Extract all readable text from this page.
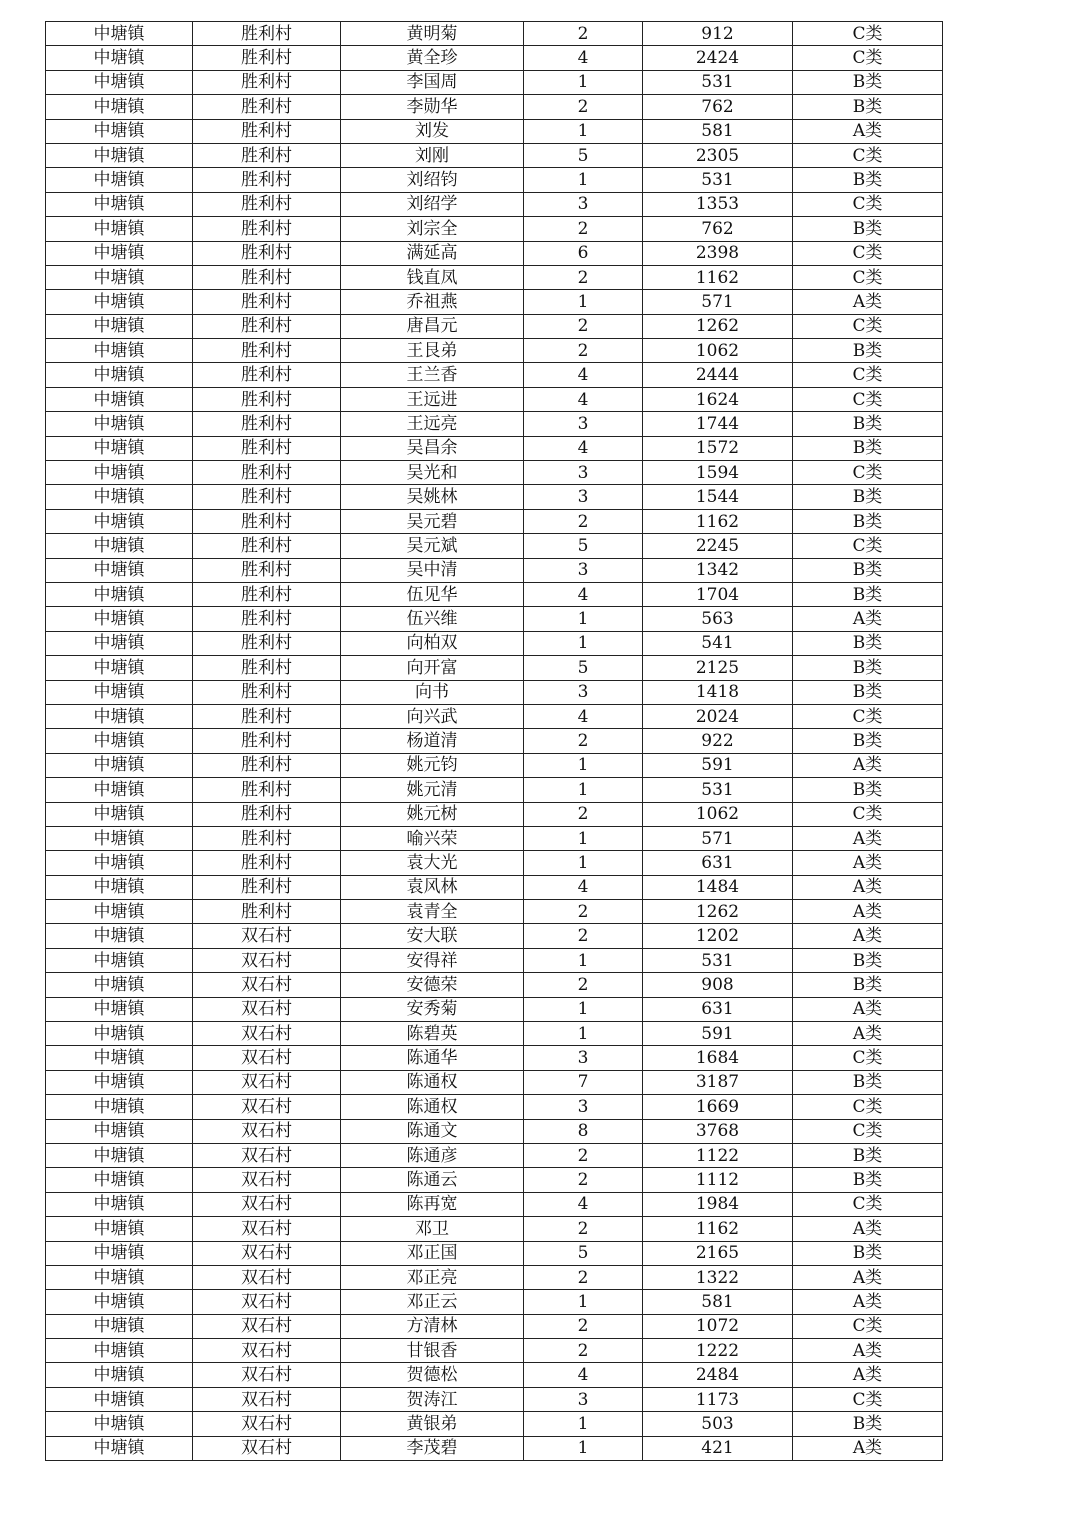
中塘镇	胜利村	黄明菊	2	912	C类
中塘镇	胜利村	黄全珍	4	2424	C类
中塘镇	胜利村	李国周	1	531	B类
中塘镇	胜利村	李勋华	2	762	B类
中塘镇	胜利村	刘发	1	581	A类
中塘镇	胜利村	刘刚	5	2305	C类
中塘镇	胜利村	刘绍钧	1	531	B类
中塘镇	胜利村	刘绍学	3	1353	C类
中塘镇	胜利村	刘宗全	2	762	B类
中塘镇	胜利村	满延高	6	2398	C类
中塘镇	胜利村	钱直凤	2	1162	C类
中塘镇	胜利村	乔祖燕	1	571	A类
中塘镇	胜利村	唐昌元	2	1262	C类
中塘镇	胜利村	王艮弟	2	1062	B类
中塘镇	胜利村	王兰香	4	2444	C类
中塘镇	胜利村	王远进	4	1624	C类
中塘镇	胜利村	王远亮	3	1744	B类
中塘镇	胜利村	吴昌余	4	1572	B类
中塘镇	胜利村	吴光和	3	1594	C类
中塘镇	胜利村	吴姚林	3	1544	B类
中塘镇	胜利村	吴元碧	2	1162	B类
中塘镇	胜利村	吴元斌	5	2245	C类
中塘镇	胜利村	吴中清	3	1342	B类
中塘镇	胜利村	伍见华	4	1704	B类
中塘镇	胜利村	伍兴维	1	563	A类
中塘镇	胜利村	向柏双	1	541	B类
中塘镇	胜利村	向开富	5	2125	B类
中塘镇	胜利村	向书	3	1418	B类
中塘镇	胜利村	向兴武	4	2024	C类
中塘镇	胜利村	杨道清	2	922	B类
中塘镇	胜利村	姚元钧	1	591	A类
中塘镇	胜利村	姚元清	1	531	B类
中塘镇	胜利村	姚元树	2	1062	C类
中塘镇	胜利村	喻兴荣	1	571	A类
中塘镇	胜利村	袁大光	1	631	A类
中塘镇	胜利村	袁风林	4	1484	A类
中塘镇	胜利村	袁青全	2	1262	A类
中塘镇	双石村	安大联	2	1202	A类
中塘镇	双石村	安得祥	1	531	B类
中塘镇	双石村	安德荣	2	908	B类
中塘镇	双石村	安秀菊	1	631	A类
中塘镇	双石村	陈碧英	1	591	A类
中塘镇	双石村	陈通华	3	1684	C类
中塘镇	双石村	陈通权	7	3187	B类
中塘镇	双石村	陈通权	3	1669	C类
中塘镇	双石村	陈通文	8	3768	C类
中塘镇	双石村	陈通彦	2	1122	B类
中塘镇	双石村	陈通云	2	1112	B类
中塘镇	双石村	陈再宽	4	1984	C类
中塘镇	双石村	邓卫	2	1162	A类
中塘镇	双石村	邓正国	5	2165	B类
中塘镇	双石村	邓正亮	2	1322	A类
中塘镇	双石村	邓正云	1	581	A类
中塘镇	双石村	方清林	2	1072	C类
中塘镇	双石村	甘银香	2	1222	A类
中塘镇	双石村	贺德松	4	2484	A类
中塘镇	双石村	贺涛江	3	1173	C类
中塘镇	双石村	黄银弟	1	503	B类
中塘镇	双石村	李茂碧	1	421	A类
